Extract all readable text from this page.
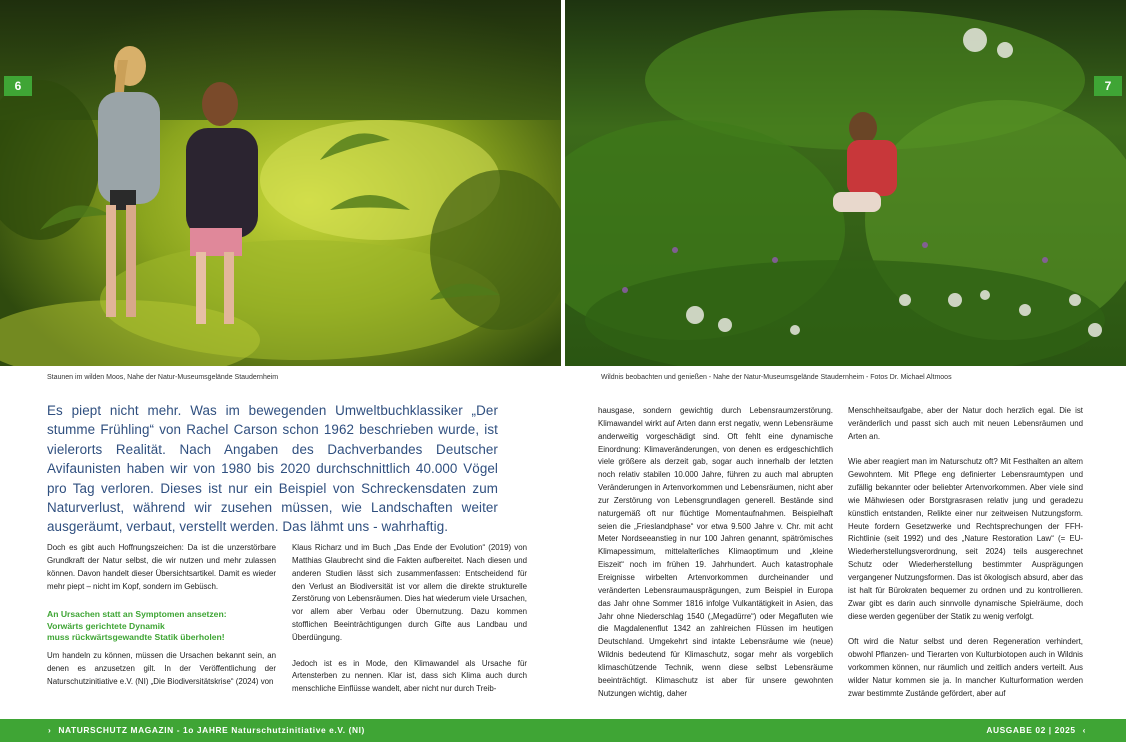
6	7
Staunen im wilden Moos, Nahe der Natur-Museumsgelände Staudernheim	Wildnis beobachten und genießen - Nahe der Natur-Museumsgelände Staudernheim - Fotos Dr. Michael Altmoos
Es piept nicht mehr. Was im bewegenden Umweltbuchklassiker „Der stumme Frühling“ von Rachel Carson schon 1962 beschrieben wurde, ist vielerorts Realität. Nach Angaben des Dachverbandes Deutscher Avifaunisten haben wir von 1980 bis 2020 durchschnittlich 40.000 Vögel pro Tag verloren. Dieses ist nur ein Beispiel von Schreckensdaten zum Naturverlust, während wir zusehen müssen, wie Landschaften weiter ausgeräumt, verbaut, verstellt werden. Das lähmt uns - wahrhaftig.

Doch es gibt auch Hoffnungszeichen: Da ist die unzerstörbare Grundkraft der Natur selbst, die wir nutzen und mehr zulassen können. Davon handelt dieser Übersichtsartikel. Damit es wieder mehr piept – nicht im Kopf, sondern im Gebüsch.

An Ursachen statt an Symptomen ansetzen:
Vorwärts gerichtete Dynamik
muss rückwärtsgewandte Statik überholen!

Um handeln zu können, müssen die Ursachen bekannt sein, an denen es anzusetzen gilt. In der Veröffentlichung der Naturschutzinitiative e.V. (NI) „Die Biodiversitätskrise“ (2024) von

Klaus Richarz und im Buch „Das Ende der Evolution“ (2019) von Matthias Glaubrecht sind die Fakten aufbereitet. Nach diesen und anderen Studien lässt sich zusammenfassen: Entscheidend für den Verlust an Biodiversität ist vor allem die direkte strukturelle Zerstörung von Lebensräumen. Dies hat wiederum viele Ursachen, vor allem aber Verbau oder Übernutzung. Dazu kommen stofflichen Beeinträchtigungen durch Gifte aus Landbau und Überdüngung.

Jedoch ist es in Mode, den Klimawandel als Ursache für Artensterben zu nennen. Klar ist, dass sich Klima auch durch menschliche Einflüsse wandelt, aber nicht nur durch Treib-

hausgase, sondern gewichtig durch Lebensraumzerstörung. Klimawandel wirkt auf Arten dann erst negativ, wenn Lebensräume anderweitig vorgeschädigt sind. Oft fehlt eine dynamische Einordnung: Klimaveränderungen, von denen es erdgeschichtlich viele größere als derzeit gab, sogar auch innerhalb der letzten noch relativ stabilen 10.000 Jahre, führen zu auch mal abrupten Veränderungen in Artenvorkommen und Lebensräumen, nicht aber zur Zerstörung von Lebensgrundlagen generell. Bestände sind naturgemäß oft nur flüchtige Momentaufnahmen. Beispielhaft seien die „Frieslandphase“ vor etwa 9.500 Jahre v. Chr. mit acht Meter Nordseeanstieg in nur 100 Jahren genannt, spätrömisches Klimapessimum, mittelalterliches Klimaoptimum und „kleine Eiszeit“ noch im frühen 19. Jahrhundert. Auch katastrophale Ereignisse wirbelten Artenvorkommen durcheinander und veränderten Lebensraumausprägungen, zum Beispiel in Europa das Jahr ohne Sommer 1816 infolge Vulkantätigkeit in Asien, das Jahr ohne Niederschlag 1540 („Megadürre“) oder Megafluten wie die Magdalenenflut 1342 an zahlreichen Flüssen im heutigen Deutschland. Umgekehrt sind intakte Lebensräume wie (neue) Wildnis bedeutend für Klimaschutz, sogar mehr als vorgeblich klimaschützende Technik, wenn diese selbst Lebensräume beeinträchtigt. Klimaschutz ist aber für unsere gewohnten Nutzungen wichtig, daher

Menschheitsaufgabe, aber der Natur doch herzlich egal. Die ist veränderlich und passt sich auch mit neuen Lebensräumen und Arten an.

Wie aber reagiert man im Naturschutz oft? Mit Festhalten an altem Gewohntem. Mit Pflege eng definierter Lebensraumtypen und zufällig bekannter oder beliebter Artenvorkommen. Aber viele sind wie Mähwiesen oder Borstgrasrasen relativ jung und geradezu künstlich entstanden, Relikte einer nur zeitweisen Nutzungsform. Heute fordern Gesetzwerke und Rechtsprechungen der FFH-Richtlinie (seit 1992) und des „Nature Restoration Law“ (= EU-Wiederherstellungsverordnung, seit 2024) teils ausgerechnet Schutz oder Wiederherstellung bestimmter Ausprägungen vergangener Nutzungsformen. Das ist ökologisch absurd, aber das ist halt für Bürokraten bequemer zu ordnen und zu kontrollieren. Zwar gibt es darin auch sinnvolle dynamische Spielräume, doch diese werden gegenüber der Statik zu wenig verfolgt.

Oft wird die Natur selbst und deren Regeneration verhindert, obwohl Pflanzen- und Tierarten von Kulturbiotopen auch in Wildnis vorkommen können, nur räumlich und zeitlich anders verteilt. Aus wilder Natur kommen sie ja. In mancher Kulturformation werden zwar bestimmte Zustände gefördert, aber auf

› NATURSCHUTZ MAGAZIN - 1o JAHRE Naturschutzinitiative e.V. (NI)	AUSGABE 02 | 2025 ‹
